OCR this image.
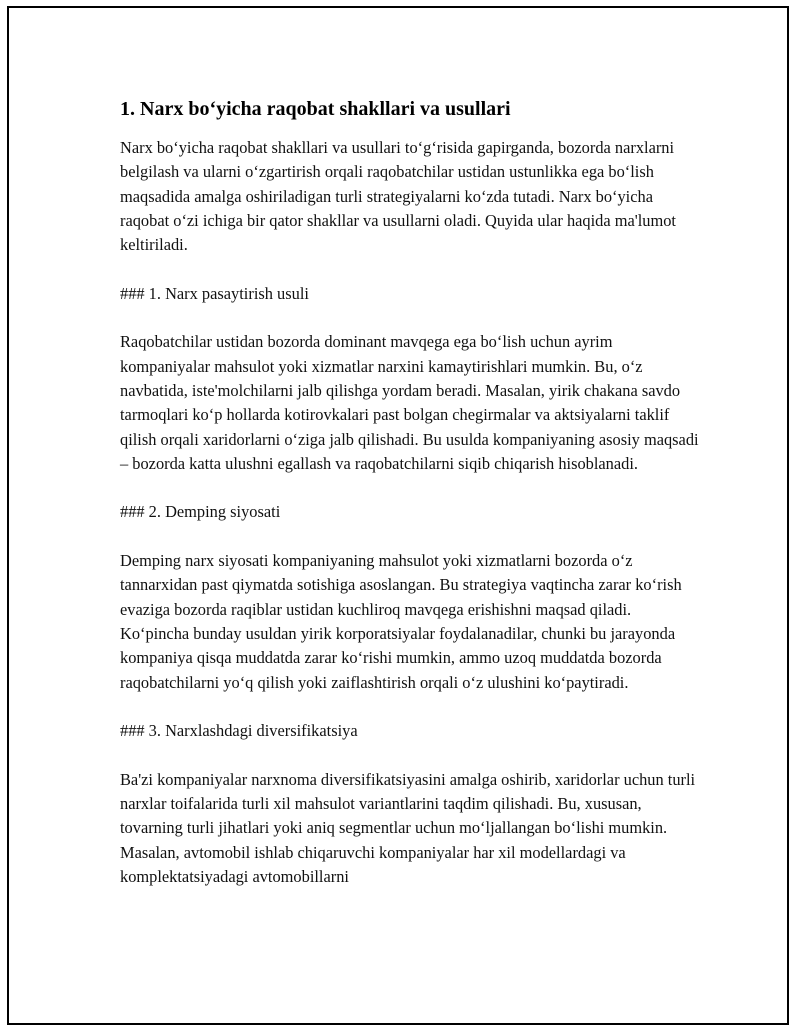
1. Narx bo‘yicha raqobat shakllari va usullari

Narx bo‘yicha raqobat shakllari va usullari to‘g‘risida gapirganda, bozorda narxlarni belgilash va ularni o‘zgartirish orqali raqobatchilar ustidan ustunlikka ega bo‘lish maqsadida amalga oshiriladigan turli strategiyalarni ko‘zda tutadi. Narx bo‘yicha raqobat o‘zi ichiga bir qator shakllar va usullarni oladi. Quyida ular haqida ma'lumot keltiriladi.

### 1. Narx pasaytirish usuli

Raqobatchilar ustidan bozorda dominant mavqega ega bo‘lish uchun ayrim kompaniyalar mahsulot yoki xizmatlar narxini kamaytirishlari mumkin. Bu, o‘z navbatida, iste'molchilarni jalb qilishga yordam beradi. Masalan, yirik chakana savdo tarmoqlari ko‘p hollarda kotirovkalari past bolgan chegirmalar va aktsiyalarni taklif qilish orqali xaridorlarni o‘ziga jalb qilishadi. Bu usulda kompaniyaning asosiy maqsadi – bozorda katta ulushni egallash va raqobatchilarni siqib chiqarish hisoblanadi.

### 2. Demping siyosati

Demping narx siyosati kompaniyaning mahsulot yoki xizmatlarni bozorda o‘z tannarxidan past qiymatda sotishiga asoslangan. Bu strategiya vaqtincha zarar ko‘rish evaziga bozorda raqiblar ustidan kuchliroq mavqega erishishni maqsad qiladi. Ko‘pincha bunday usuldan yirik korporatsiyalar foydalanadilar, chunki bu jarayonda kompaniya qisqa muddatda zarar ko‘rishi mumkin, ammo uzoq muddatda bozorda raqobatchilarni yo‘q qilish yoki zaiflashtirish orqali o‘z ulushini ko‘paytiradi.

### 3. Narxlashdagi diversifikatsiya

Ba'zi kompaniyalar narxnoma diversifikatsiyasini amalga oshirib, xaridorlar uchun turli narxlar toifalarida turli xil mahsulot variantlarini taqdim qilishadi. Bu, xususan, tovarning turli jihatlari yoki aniq segmentlar uchun mo‘ljallangan bo‘lishi mumkin. Masalan, avtomobil ishlab chiqaruvchi kompaniyalar har xil modellardagi va komplektatsiyadagi avtomobillarni
